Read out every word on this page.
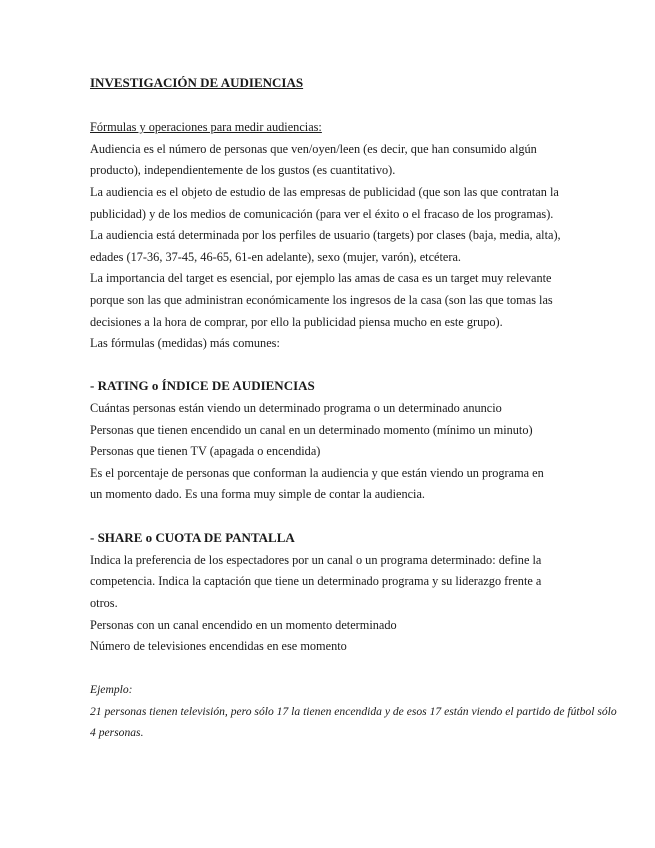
INVESTIGACIÓN DE AUDIENCIAS
Fórmulas y operaciones para medir audiencias:
Audiencia es el número de personas que ven/oyen/leen (es decir, que han consumido algún
producto), independientemente de los gustos (es cuantitativo).
La audiencia es el objeto de estudio de las empresas de publicidad (que son las que contratan la
publicidad) y de los medios de comunicación (para ver el éxito o el fracaso de los programas).
La audiencia está determinada por los perfiles de usuario (targets) por clases (baja, media, alta),
edades (17-36, 37-45, 46-65, 61-en adelante), sexo (mujer, varón), etcétera.
La importancia del target es esencial, por ejemplo las amas de casa es un target muy relevante
porque son las que administran económicamente los ingresos de la casa (son las que tomas las
decisiones a la hora de comprar, por ello la publicidad piensa mucho en este grupo).
Las fórmulas (medidas) más comunes:
- RATING o ÍNDICE DE AUDIENCIAS
Cuántas personas están viendo un determinado programa o un determinado anuncio
Personas que tienen encendido un canal en un determinado momento (mínimo un minuto)
Personas que tienen TV (apagada o encendida)
Es el porcentaje de personas que conforman la audiencia y que están viendo un programa en
un momento dado. Es una forma muy simple de contar la audiencia.
- SHARE o CUOTA DE PANTALLA
Indica la preferencia de los espectadores por un canal o un programa determinado: define la
competencia. Indica la captación que tiene un determinado programa y su liderazgo frente a
otros.
Personas con un canal encendido en un momento determinado
Número de televisiones encendidas en ese momento
Ejemplo:
21 personas tienen televisión, pero sólo 17 la tienen encendida y de esos 17 están viendo el partido de fútbol sólo
4 personas.
